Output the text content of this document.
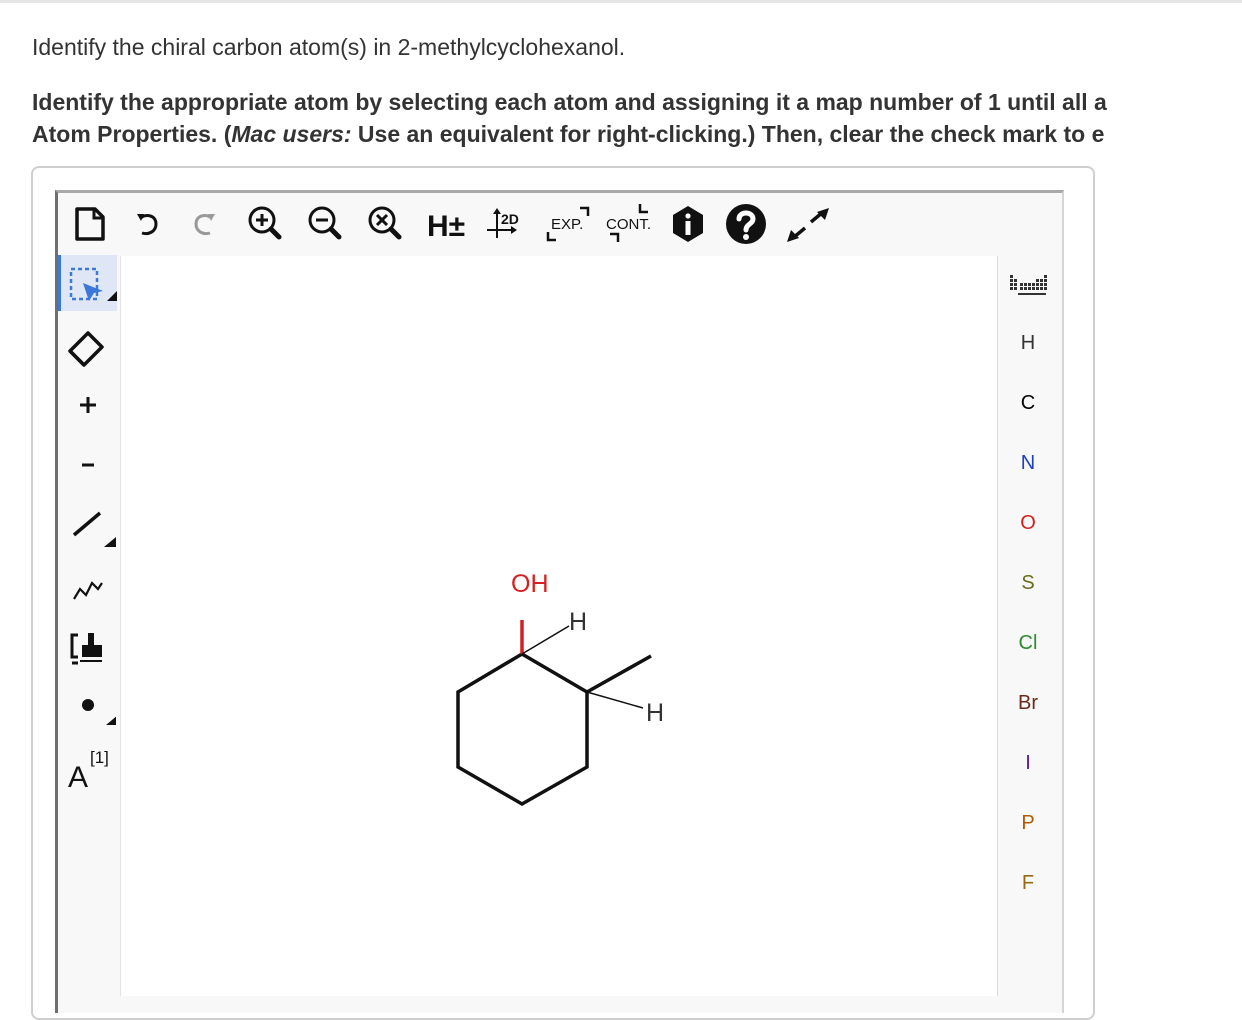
Identify the chiral carbon atom(s) in 2-methylcyclohexanol.
Identify the appropriate atom by selecting each atom and assigning it a map number of 1 until all a
Atom Properties. (Mac users: Use an equivalent for right-clicking.) Then, clear the check mark to e
H±	2D EXP. CONT.
A
[1]
OH
H
H
H
C
N
O
S
Cl
Br
I
P
F
